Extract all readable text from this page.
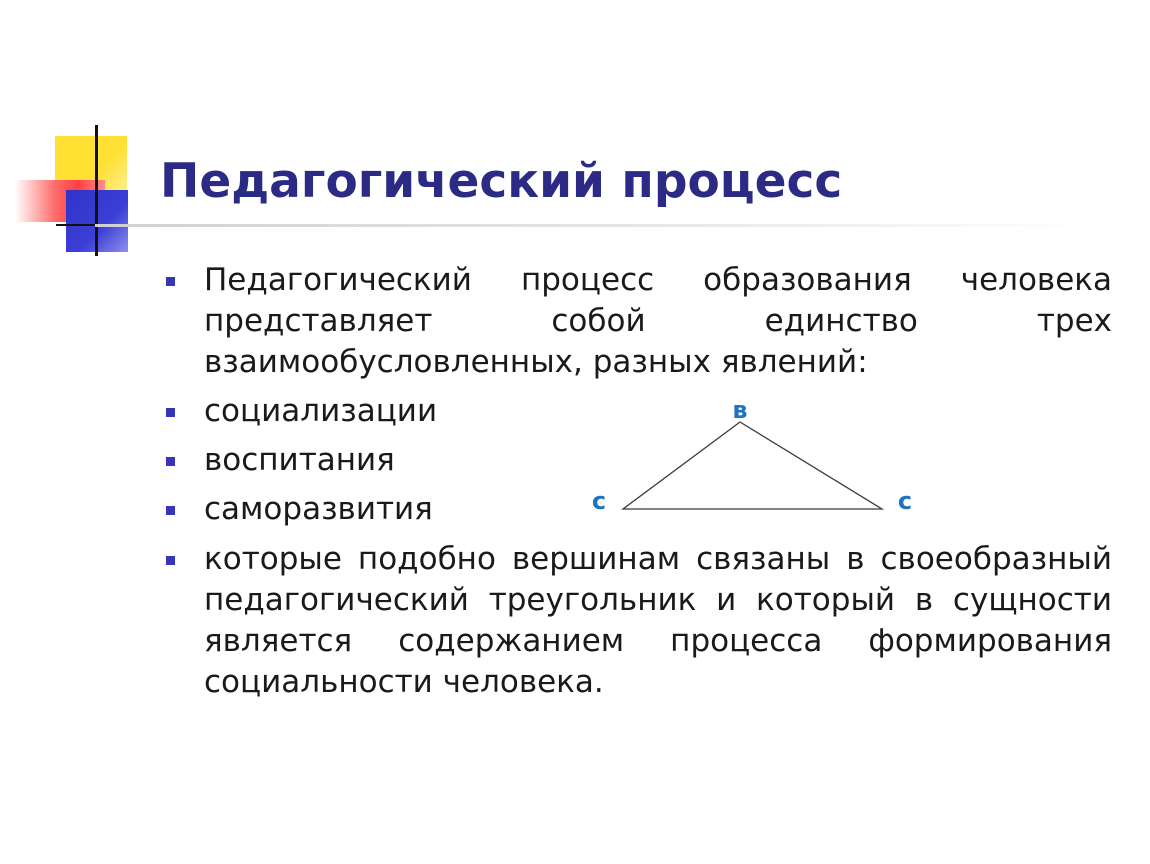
Педагогический процесс
Педагогический процесс образования человека представляет собой единство трех взаимообусловленных, разных явлений:
социализации
воспитания
саморазвития
которые подобно вершинам связаны в своеобразный педагогический треугольник и который в сущности является содержанием процесса формирования социальности человека.
в
с	с
